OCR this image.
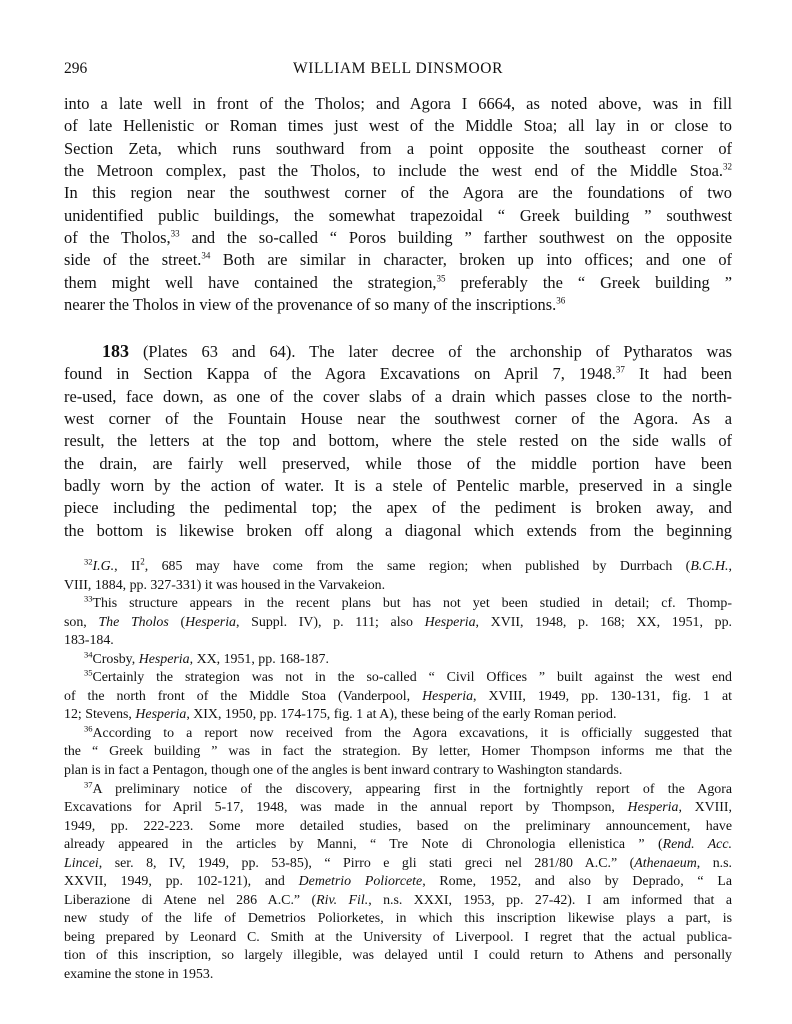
296	WILLIAM BELL DINSMOOR
into a late well in front of the Tholos; and Agora I 6664, as noted above, was in fill
of late Hellenistic or Roman times just west of the Middle Stoa; all lay in or close to
Section Zeta, which runs southward from a point opposite the southeast corner of
the Metroon complex, past the Tholos, to include the west end of the Middle Stoa.$^{32}$
In this region near the southwest corner of the Agora are the foundations of two
unidentified public buildings, the somewhat trapezoidal “ Greek building ” southwest
of the Tholos,$^{33}$ and the so-called “ Poros building ” farther southwest on the opposite
side of the street.$^{34}$ Both are similar in character, broken up into offices; and one of
them might well have contained the strategion,$^{35}$ preferably the “ Greek building ”
nearer the Tholos in view of the provenance of so many of the inscriptions.$^{36}$
183 (Plates 63 and 64). The later decree of the archonship of Pytharatos was
found in Section Kappa of the Agora Excavations on April 7, 1948.37 It had been
re-used, face down, as one of the cover slabs of a drain which passes close to the north-
west corner of the Fountain House near the southwest corner of the Agora. As a
result, the letters at the top and bottom, where the stele rested on the side walls of
the drain, are fairly well preserved, while those of the middle portion have been
badly worn by the action of water. It is a stele of Pentelic marble, preserved in a single
piece including the pedimental top; the apex of the pediment is broken away, and
the bottom is likewise broken off along a diagonal which extends from the beginning
$^{32}$I.G., $II^2$, 685 may have come from the same region; when published by Durrbach (B.C.H.,
VIII, 1884, pp. 327-331) it was housed in the Varvakeion.
$^{33}$This structure appears in the recent plans but has not yet been studied in detail; cf. Thomp-
son, The Tholos (Hesperia, Suppl. IV), p. 111; also Hesperia, XVII, 1948, p. 168; XX, 1951, pp.
183-184.
$^{34}$Crosby, Hesperia, XX, 1951, pp. 168-187.
$^{35}$Certainly the strategion was not in the so-called “ Civil Offices ” built against the west end
of the north front of the Middle Stoa (Vanderpool, Hesperia, XVIII, 1949, pp. 130-131, fig. 1 at
12; Stevens, Hesperia, XIX, 1950, pp. 174-175, fig. 1 at A), these being of the early Roman period.
$^{36}$According to a report now received from the Agora excavations, it is officially suggested that
the “ Greek building ” was in fact the strategion. By letter, Homer Thompson informs me that the
plan is in fact a Pentagon, though one of the angles is bent inward contrary to Washington standards.
$^{37}$A preliminary notice of the discovery, appearing first in the fortnightly report of the Agora
Excavations for April 5-17, 1948, was made in the annual report by Thompson, Hesperia, XVIII,
1949, pp. 222-223. Some more detailed studies, based on the preliminary announcement, have
already appeared in the articles by Manni, “ Tre Note di Chronologia ellenistica ” (Rend. Acc.
Lincei, ser. 8, IV, 1949, pp. 53-85), “ Pirro e gli stati greci nel 281/80 A.C.” (Athenaeum, n.s.
XXVII, 1949, pp. 102-121), and Demetrio Poliorcete, Rome, 1952, and also by Deprado, “ La
Liberazione di Atene nel 286 A.C.” (Riv. Fil., n.s. XXXI, 1953, pp. 27-42). I am informed that a
new study of the life of Demetrios Poliorketes, in which this inscription likewise plays a part, is
being prepared by Leonard C. Smith at the University of Liverpool. I regret that the actual publica-
tion of this inscription, so largely illegible, was delayed until I could return to Athens and personally
examine the stone in 1953.
